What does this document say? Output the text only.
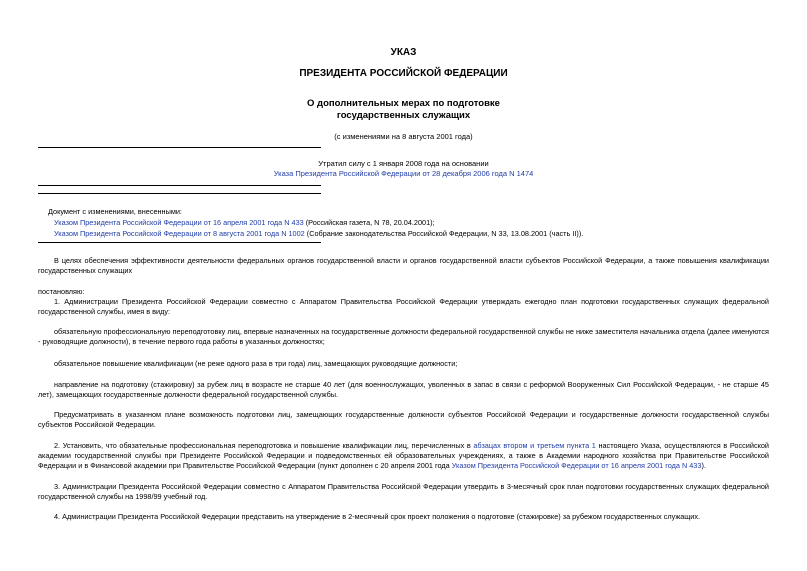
УКАЗ
ПРЕЗИДЕНТА РОССИЙСКОЙ ФЕДЕРАЦИИ
О дополнительных мерах по подготовке
государственных служащих
(с изменениями на 8 августа 2001 года)
Утратил силу с 1 января 2008 года на основании
Указа Президента Российской Федерации от 28 декабря 2006 года N 1474
Документ с изменениями, внесенными:
Указом Президента Российской Федерации от 16 апреля 2001 года N 433 (Российская газета, N 78, 20.04.2001);
Указом Президента Российской Федерации от 8 августа 2001 года N 1002 (Собрание законодательства Российской Федерации, N 33, 13.08.2001 (часть II)).
В целях обеспечения эффективности деятельности федеральных органов государственной власти и органов государственной власти субъектов Российской Федерации, а также повышения квалификации государственных служащих
постановляю:
1. Администрации Президента Российской Федерации совместно с Аппаратом Правительства Российской Федерации утверждать ежегодно план подготовки государственных служащих федеральной государственной службы, имея в виду:
обязательную профессиональную переподготовку лиц, впервые назначенных на государственные должности федеральной государственной службы не ниже заместителя начальника отдела (далее именуются - руководящие должности), в течение первого года работы в указанных должностях;
обязательное повышение квалификации (не реже одного раза в три года) лиц, замещающих руководящие должности;
направление на подготовку (стажировку) за рубеж лиц в возрасте не старше 40 лет (для военнослужащих, уволенных в запас в связи с реформой Вооруженных Сил Российской Федерации, - не старше 45 лет), замещающих государственные должности федеральной государственной службы.
Предусматривать в указанном плане возможность подготовки лиц, замещающих государственные должности субъектов Российской Федерации и государственные должности государственной службы субъектов Российской Федерации.
2. Установить, что обязательные профессиональная переподготовка и повышение квалификации лиц, перечисленных в абзацах втором и третьем пункта 1 настоящего Указа, осуществляются в Российской академии государственной службы при Президенте Российской Федерации и подведомственных ей образовательных учреждениях, а также в Академии народного хозяйства при Правительстве Российской Федерации и в Финансовой академии при Правительстве Российской Федерации (пункт дополнен с 20 апреля 2001 года Указом Президента Российской Федерации от 16 апреля 2001 года N 433).
3. Администрации Президента Российской Федерации совместно с Аппаратом Правительства Российской Федерации утвердить в 3-месячный срок план подготовки государственных служащих федеральной государственной службы на 1998/99 учебный год.
4. Администрации Президента Российской Федерации представить на утверждение в 2-месячный срок проект положения о подготовке (стажировке) за рубежом государственных служащих.
